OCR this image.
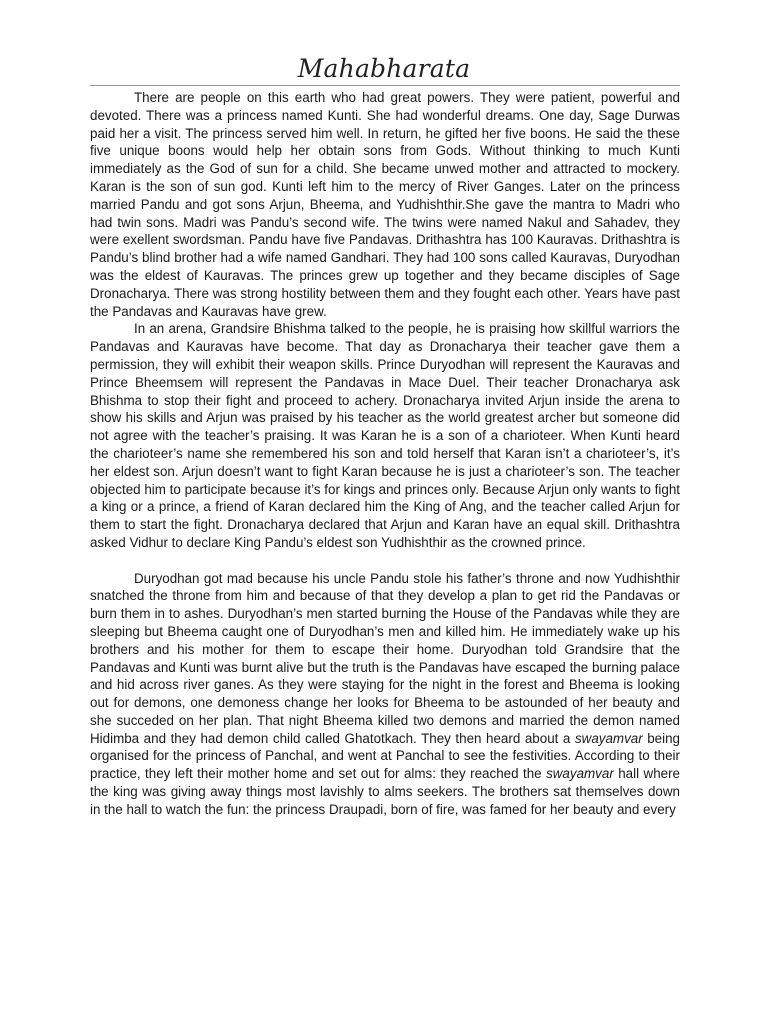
Mahabharata

There are people on this earth who had great powers. They were patient, powerful and devoted. There was a princess named Kunti. She had wonderful dreams. One day, Sage Durwas paid her a visit. The princess served him well. In return, he gifted her five boons. He said the these five unique boons would help her obtain sons from Gods. Without thinking to much Kunti immediately as the God of sun for a child. She became unwed mother and attracted to mockery. Karan is the son of sun god. Kunti left him to the mercy of River Ganges. Later on the princess married Pandu and got sons Arjun, Bheema, and Yudhishthir.She gave the mantra to Madri who had twin sons. Madri was Pandu’s second wife. The twins were named Nakul and Sahadev, they were exellent swordsman. Pandu have five Pandavas. Drithashtra has 100 Kauravas. Drithashtra is Pandu’s blind brother had a wife named Gandhari. They had 100 sons called Kauravas, Duryodhan was the eldest of Kauravas. The princes grew up together and they became disciples of Sage Dronacharya. There was strong hostility between them and they fought each other. Years have past the Pandavas and Kauravas have grew.

In an arena, Grandsire Bhishma talked to the people, he is praising how skillful warriors the Pandavas and Kauravas have become. That day as Dronacharya their teacher gave them a permission, they will exhibit their weapon skills. Prince Duryodhan will represent the Kauravas and Prince Bheemsem will represent the Pandavas in Mace Duel. Their teacher Dronacharya ask Bhishma to stop their fight and proceed to achery. Dronacharya invited Arjun inside the arena to show his skills and Arjun was praised by his teacher as the world greatest archer but someone did not agree with the teacher’s praising. It was Karan he is a son of a charioteer. When Kunti heard the charioteer’s name she remembered his son and told herself that Karan isn’t a charioteer’s, it’s her eldest son. Arjun doesn’t want to fight Karan because he is just a charioteer’s son. The teacher objected him to participate because it’s for kings and princes only. Because Arjun only wants to fight a king or a prince, a friend of Karan declared him the King of Ang, and the teacher called Arjun for them to start the fight. Dronacharya declared that Arjun and Karan have an equal skill. Drithashtra asked Vidhur to declare King Pandu’s eldest son Yudhishthir as the crowned prince.

Duryodhan got mad because his uncle Pandu stole his father’s throne and now Yudhishthir snatched the throne from him and because of that they develop a plan to get rid the Pandavas or burn them in to ashes. Duryodhan’s men started burning the House of the Pandavas while they are sleeping but Bheema caught one of Duryodhan’s men and killed him. He immediately wake up his brothers and his mother for them to escape their home. Duryodhan told Grandsire that the Pandavas and Kunti was burnt alive but the truth is the Pandavas have escaped the burning palace and hid across river ganes. As they were staying for the night in the forest and Bheema is looking out for demons, one demoness change her looks for Bheema to be astounded of her beauty and she succeded on her plan. That night Bheema killed two demons and married the demon named Hidimba and they had demon child called Ghatotkach. They then heard about a swayamvar being organised for the princess of Panchal, and went at Panchal to see the festivities. According to their practice, they left their mother home and set out for alms: they reached the swayamvar hall where the king was giving away things most lavishly to alms seekers. The brothers sat themselves down in the hall to watch the fun: the princess Draupadi, born of fire, was famed for her beauty and every
